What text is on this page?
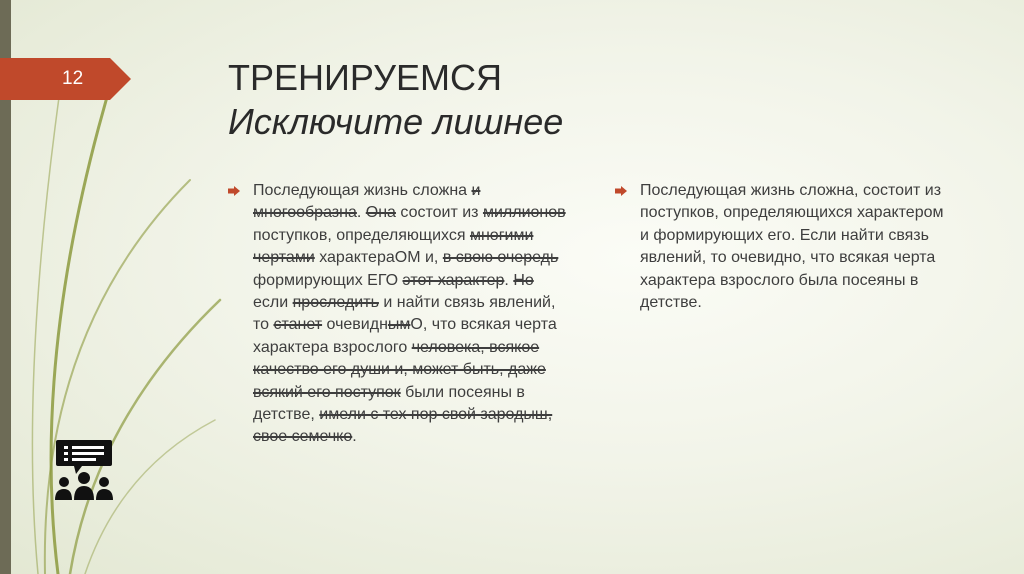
12	ТРЕНИРУЕМСЯ
Исключите лишнее
Последующая жизнь сложна и многообразна. Она состоит из миллионов поступков, определяющихся многими чертами характераОМ и, в свою очередь формирующих ЕГО этот характер. Но если проследить и найти связь явлений, то станет очевиднымО, что всякая черта характера взрослого человека, всякое качество его души и, может быть, даже всякий его поступок были посеяны в детстве, имели с тех пор свой зародыш, свое семечко.
Последующая жизнь сложна, состоит из поступков, определяющихся характером и формирующих его. Если найти связь явлений, то очевидно, что всякая черта характера взрослого была посеяны в детстве.
